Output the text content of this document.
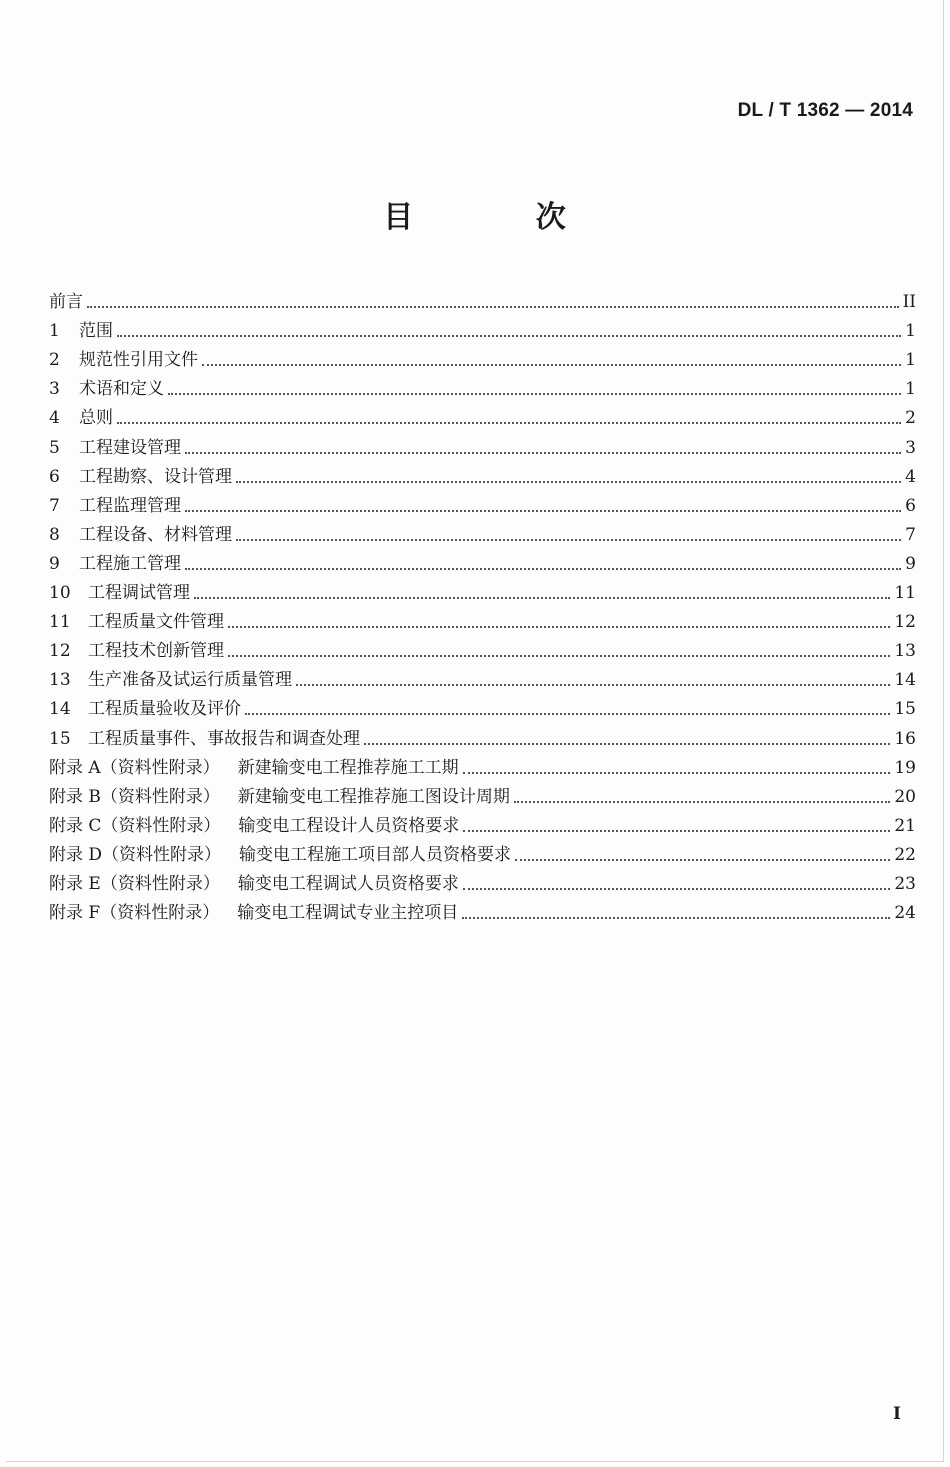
DL / T 1362 — 2014
目 次
前言	II
1	范围	1
2	规范性引用文件	1
3	术语和定义	1
4	总则	2
5	工程建设管理	3
6	工程勘察、设计管理	4
7	工程监理管理	6
8	工程设备、材料管理	7
9	工程施工管理	9
10	工程调试管理	11
11	工程质量文件管理	12
12	工程技术创新管理	13
13	生产准备及试运行质量管理	14
14	工程质量验收及评价	15
15	工程质量事件、事故报告和调查处理	16
附录 A（资料性附录） 新建输变电工程推荐施工工期	19
附录 B（资料性附录） 新建输变电工程推荐施工图设计周期	20
附录 C（资料性附录） 输变电工程设计人员资格要求	21
附录 D（资料性附录） 输变电工程施工项目部人员资格要求	22
附录 E（资料性附录） 输变电工程调试人员资格要求	23
附录 F（资料性附录） 输变电工程调试专业主控项目	24
I
